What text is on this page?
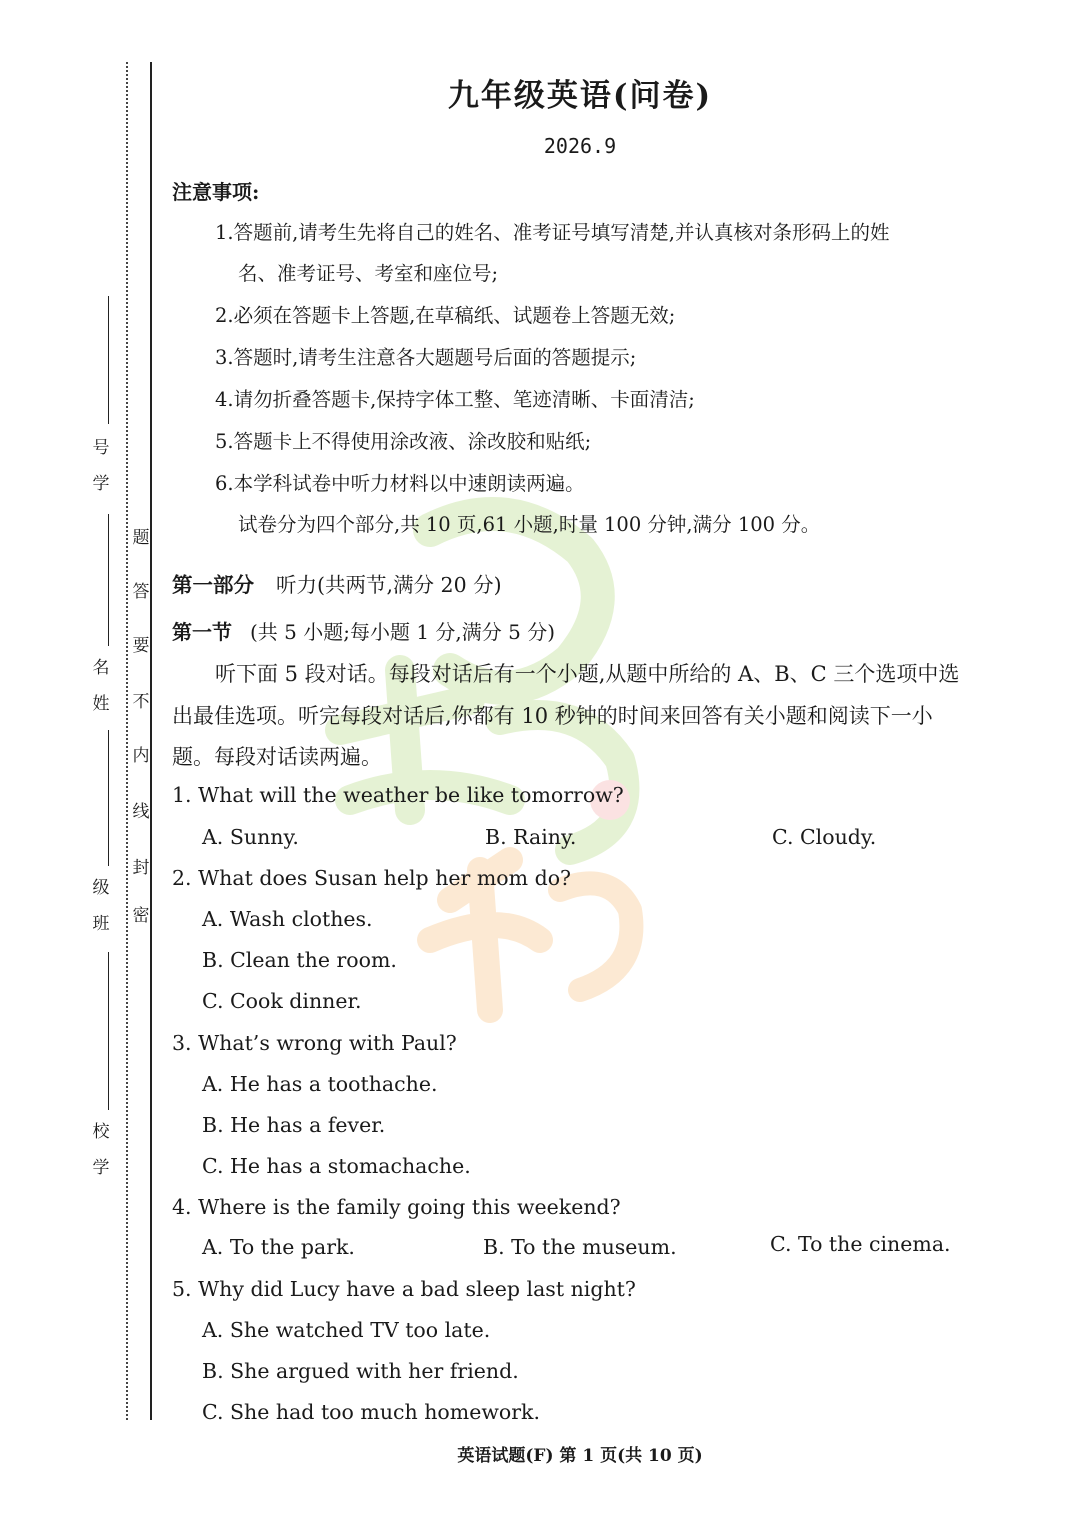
密
封
线
内
不
要
答
题
学
号
姓
名
班
级
学
校
九年级英语(问卷)
2026.9
注意事项:
1.答题前,请考生先将自己的姓名、准考证号填写清楚,并认真核对条形码上的姓
名、准考证号、考室和座位号;
2.必须在答题卡上答题,在草稿纸、试题卷上答题无效;
3.答题时,请考生注意各大题题号后面的答题提示;
4.请勿折叠答题卡,保持字体工整、笔迹清晰、卡面清洁;
5.答题卡上不得使用涂改液、涂改胶和贴纸;
6.本学科试卷中听力材料以中速朗读两遍。
试卷分为四个部分,共 10 页,61 小题,时量 100 分钟,满分 100 分。
第一部分 听力(共两节,满分 20 分)
第一节 (共 5 小题;每小题 1 分,满分 5 分)
听下面 5 段对话。每段对话后有一个小题,从题中所给的 A、B、C 三个选项中选
出最佳选项。听完每段对话后,你都有 10 秒钟的时间来回答有关小题和阅读下一小
题。每段对话读两遍。
1. What will the weather be like tomorrow?
A. Sunny.	B. Rainy.	C. Cloudy.
2. What does Susan help her mom do?
A. Wash clothes.
B. Clean the room.
C. Cook dinner.
3. What’s wrong with Paul?
A. He has a toothache.
B. He has a fever.
C. He has a stomachache.
4. Where is the family going this weekend?
A. To the park.	B. To the museum.	C. To the cinema.
5. Why did Lucy have a bad sleep last night?
A. She watched TV too late.
B. She argued with her friend.
C. She had too much homework.
英语试题(F) 第 1 页(共 10 页)
